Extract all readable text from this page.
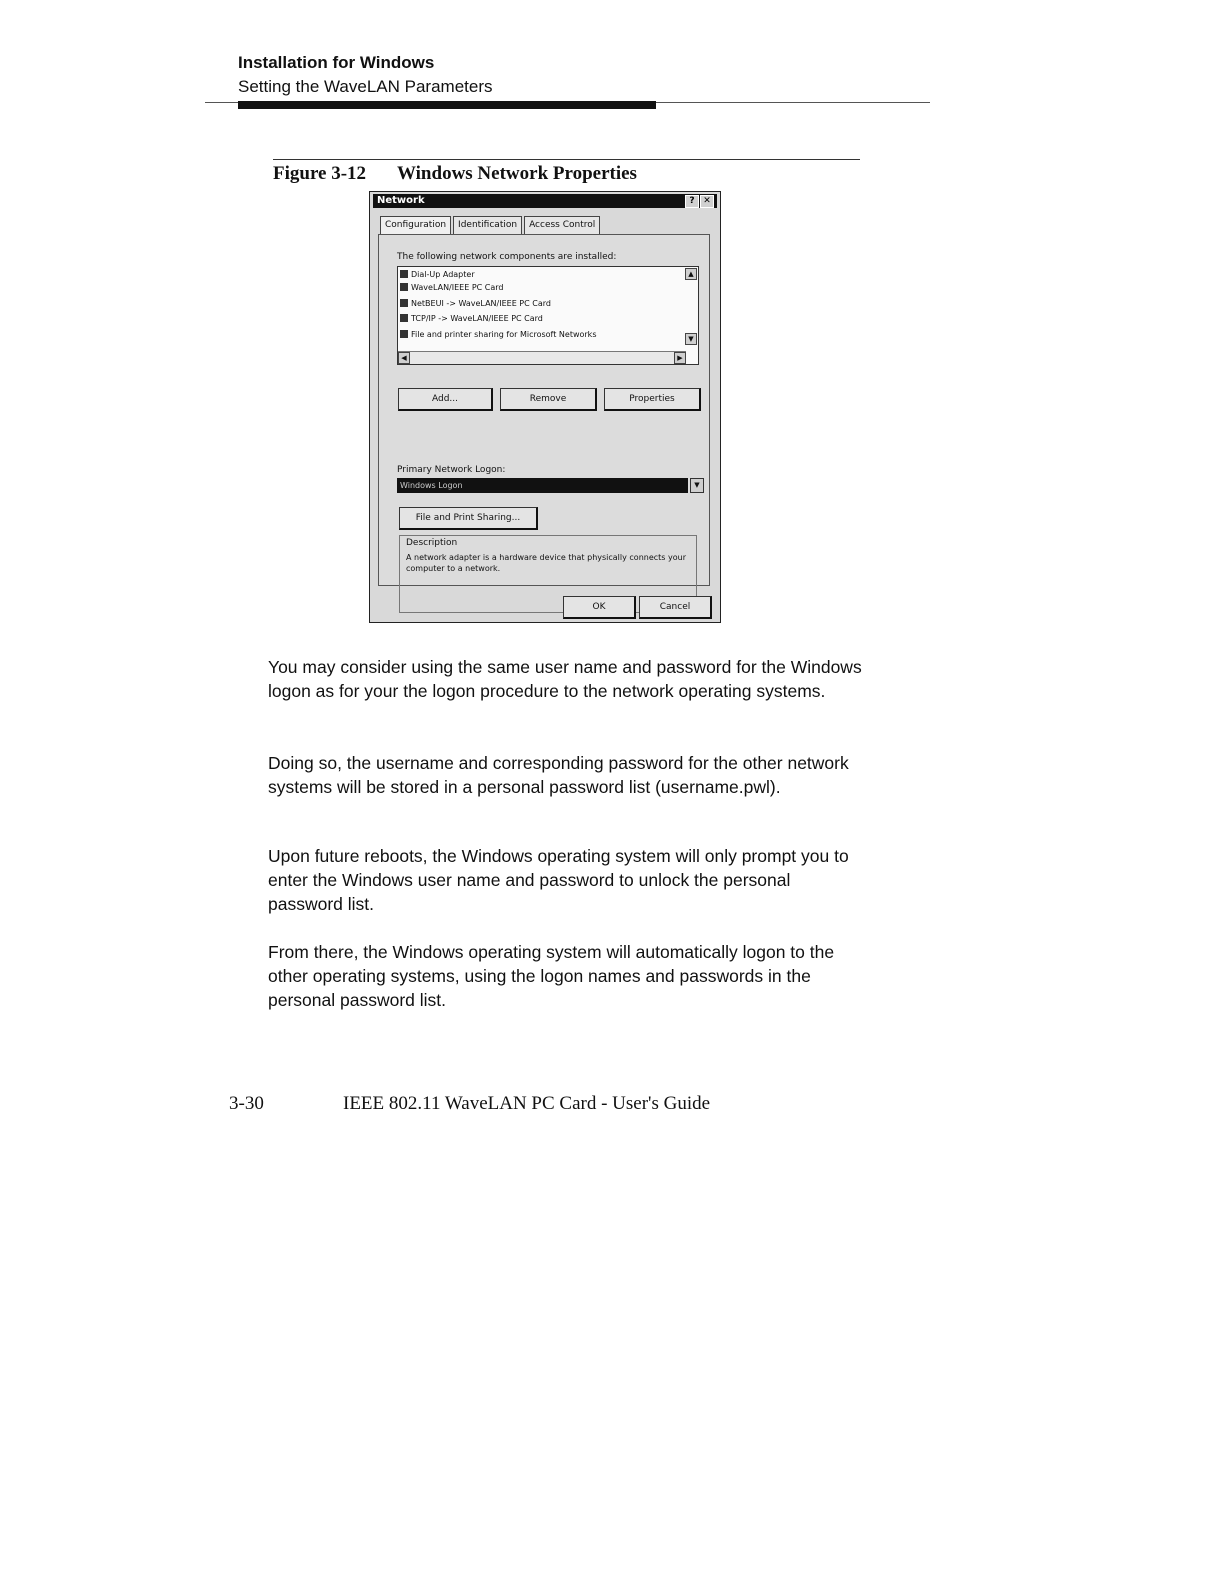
Installation for Windows
Setting the WaveLAN Parameters
Figure 3-12 Windows Network Properties
Network	? ✕
Configuration	Identification	Access Control
The following network components are installed:
Dial-Up Adapter
WaveLAN/IEEE PC Card
NetBEUI -> WaveLAN/IEEE PC Card
TCP/IP -> WaveLAN/IEEE PC Card
File and printer sharing for Microsoft Networks
▲
▼
◀	▶
Add...	Remove	Properties
Primary Network Logon:
Windows Logon	▼
File and Print Sharing...
Description
A network adapter is a hardware device that physically connects your computer to a network.
OK	Cancel
You may consider using the same user name and password for the Windows logon as for your the logon procedure to the network operating systems.
Doing so, the username and corresponding password for the other network systems will be stored in a personal password list (username.pwl).
Upon future reboots, the Windows operating system will only prompt you to enter the Windows user name and password to unlock the personal password list.
From there, the Windows operating system will automatically logon to the other operating systems, using the logon names and passwords in the personal password list.
3-30	IEEE 802.11 WaveLAN PC Card - User's Guide
